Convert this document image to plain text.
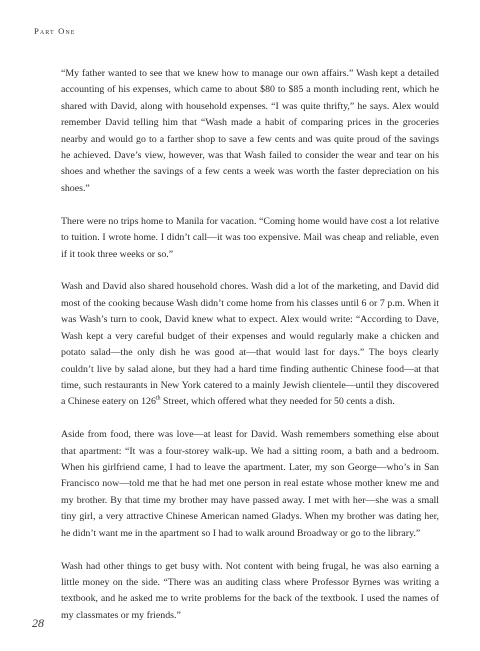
Part One

“My father wanted to see that we knew how to manage our own affairs.” Wash kept a detailed accounting of his expenses, which came to about $80 to $85 a month including rent, which he shared with David, along with household expenses. “I was quite thrifty,” he says. Alex would remember David telling him that “Wash made a habit of comparing prices in the groceries nearby and would go to a farther shop to save a few cents and was quite proud of the savings he achieved. Dave’s view, however, was that Wash failed to consider the wear and tear on his shoes and whether the savings of a few cents a week was worth the faster depreciation on his shoes.”

There were no trips home to Manila for vacation. “Coming home would have cost a lot relative to tuition. I wrote home. I didn’t call—it was too expensive. Mail was cheap and reliable, even if it took three weeks or so.”

Wash and David also shared household chores. Wash did a lot of the marketing, and David did most of the cooking because Wash didn’t come home from his classes until 6 or 7 p.m. When it was Wash’s turn to cook, David knew what to expect. Alex would write: “According to Dave, Wash kept a very careful budget of their expenses and would regularly make a chicken and potato salad—the only dish he was good at—that would last for days.” The boys clearly couldn’t live by salad alone, but they had a hard time finding authentic Chinese food—at that time, such restaurants in New York catered to a mainly Jewish clientele—until they discovered a Chinese eatery on 126th Street, which offered what they needed for 50 cents a dish.

Aside from food, there was love—at least for David. Wash remembers something else about that apartment: “It was a four-storey walk-up. We had a sitting room, a bath and a bedroom. When his girlfriend came, I had to leave the apartment. Later, my son George—who’s in San Francisco now—told me that he had met one person in real estate whose mother knew me and my brother. By that time my brother may have passed away. I met with her—she was a small tiny girl, a very attractive Chinese American named Gladys. When my brother was dating her, he didn’t want me in the apartment so I had to walk around Broadway or go to the library.”

Wash had other things to get busy with. Not content with being frugal, he was also earning a little money on the side. “There was an auditing class where Professor Byrnes was writing a textbook, and he asked me to write problems for the back of the textbook. I used the names of my classmates or my friends.”

28
